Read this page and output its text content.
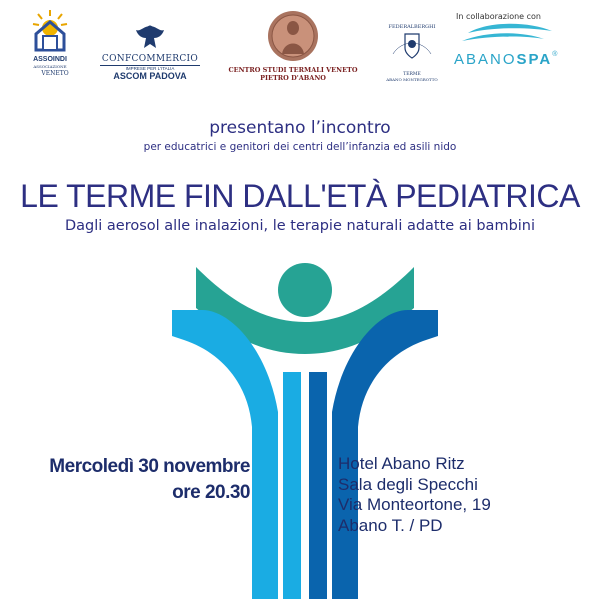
ASSOINDI
ASSOCIAZIONE
VENETO
CONFCOMMERCIO
IMPRESE PER L'ITALIA
ASCOM PADOVA
CENTRO STUDI TERMALI VENETO
PIETRO D'ABANO
FEDERALBERGHI
TERME
ABANO MONTEGROTTO
In collaborazione con
ABANOSPA®
presentano l’incontro
per educatrici e genitori dei centri dell’infanzia ed asili nido
LE TERME FIN DALL'ETÀ PEDIATRICA
Dagli aerosol alle inalazioni, le terapie naturali adatte ai bambini
Mercoledì 30 novembre
ore 20.30
Hotel Abano Ritz
Sala degli Specchi
Via Monteortone, 19
Abano T. / PD
